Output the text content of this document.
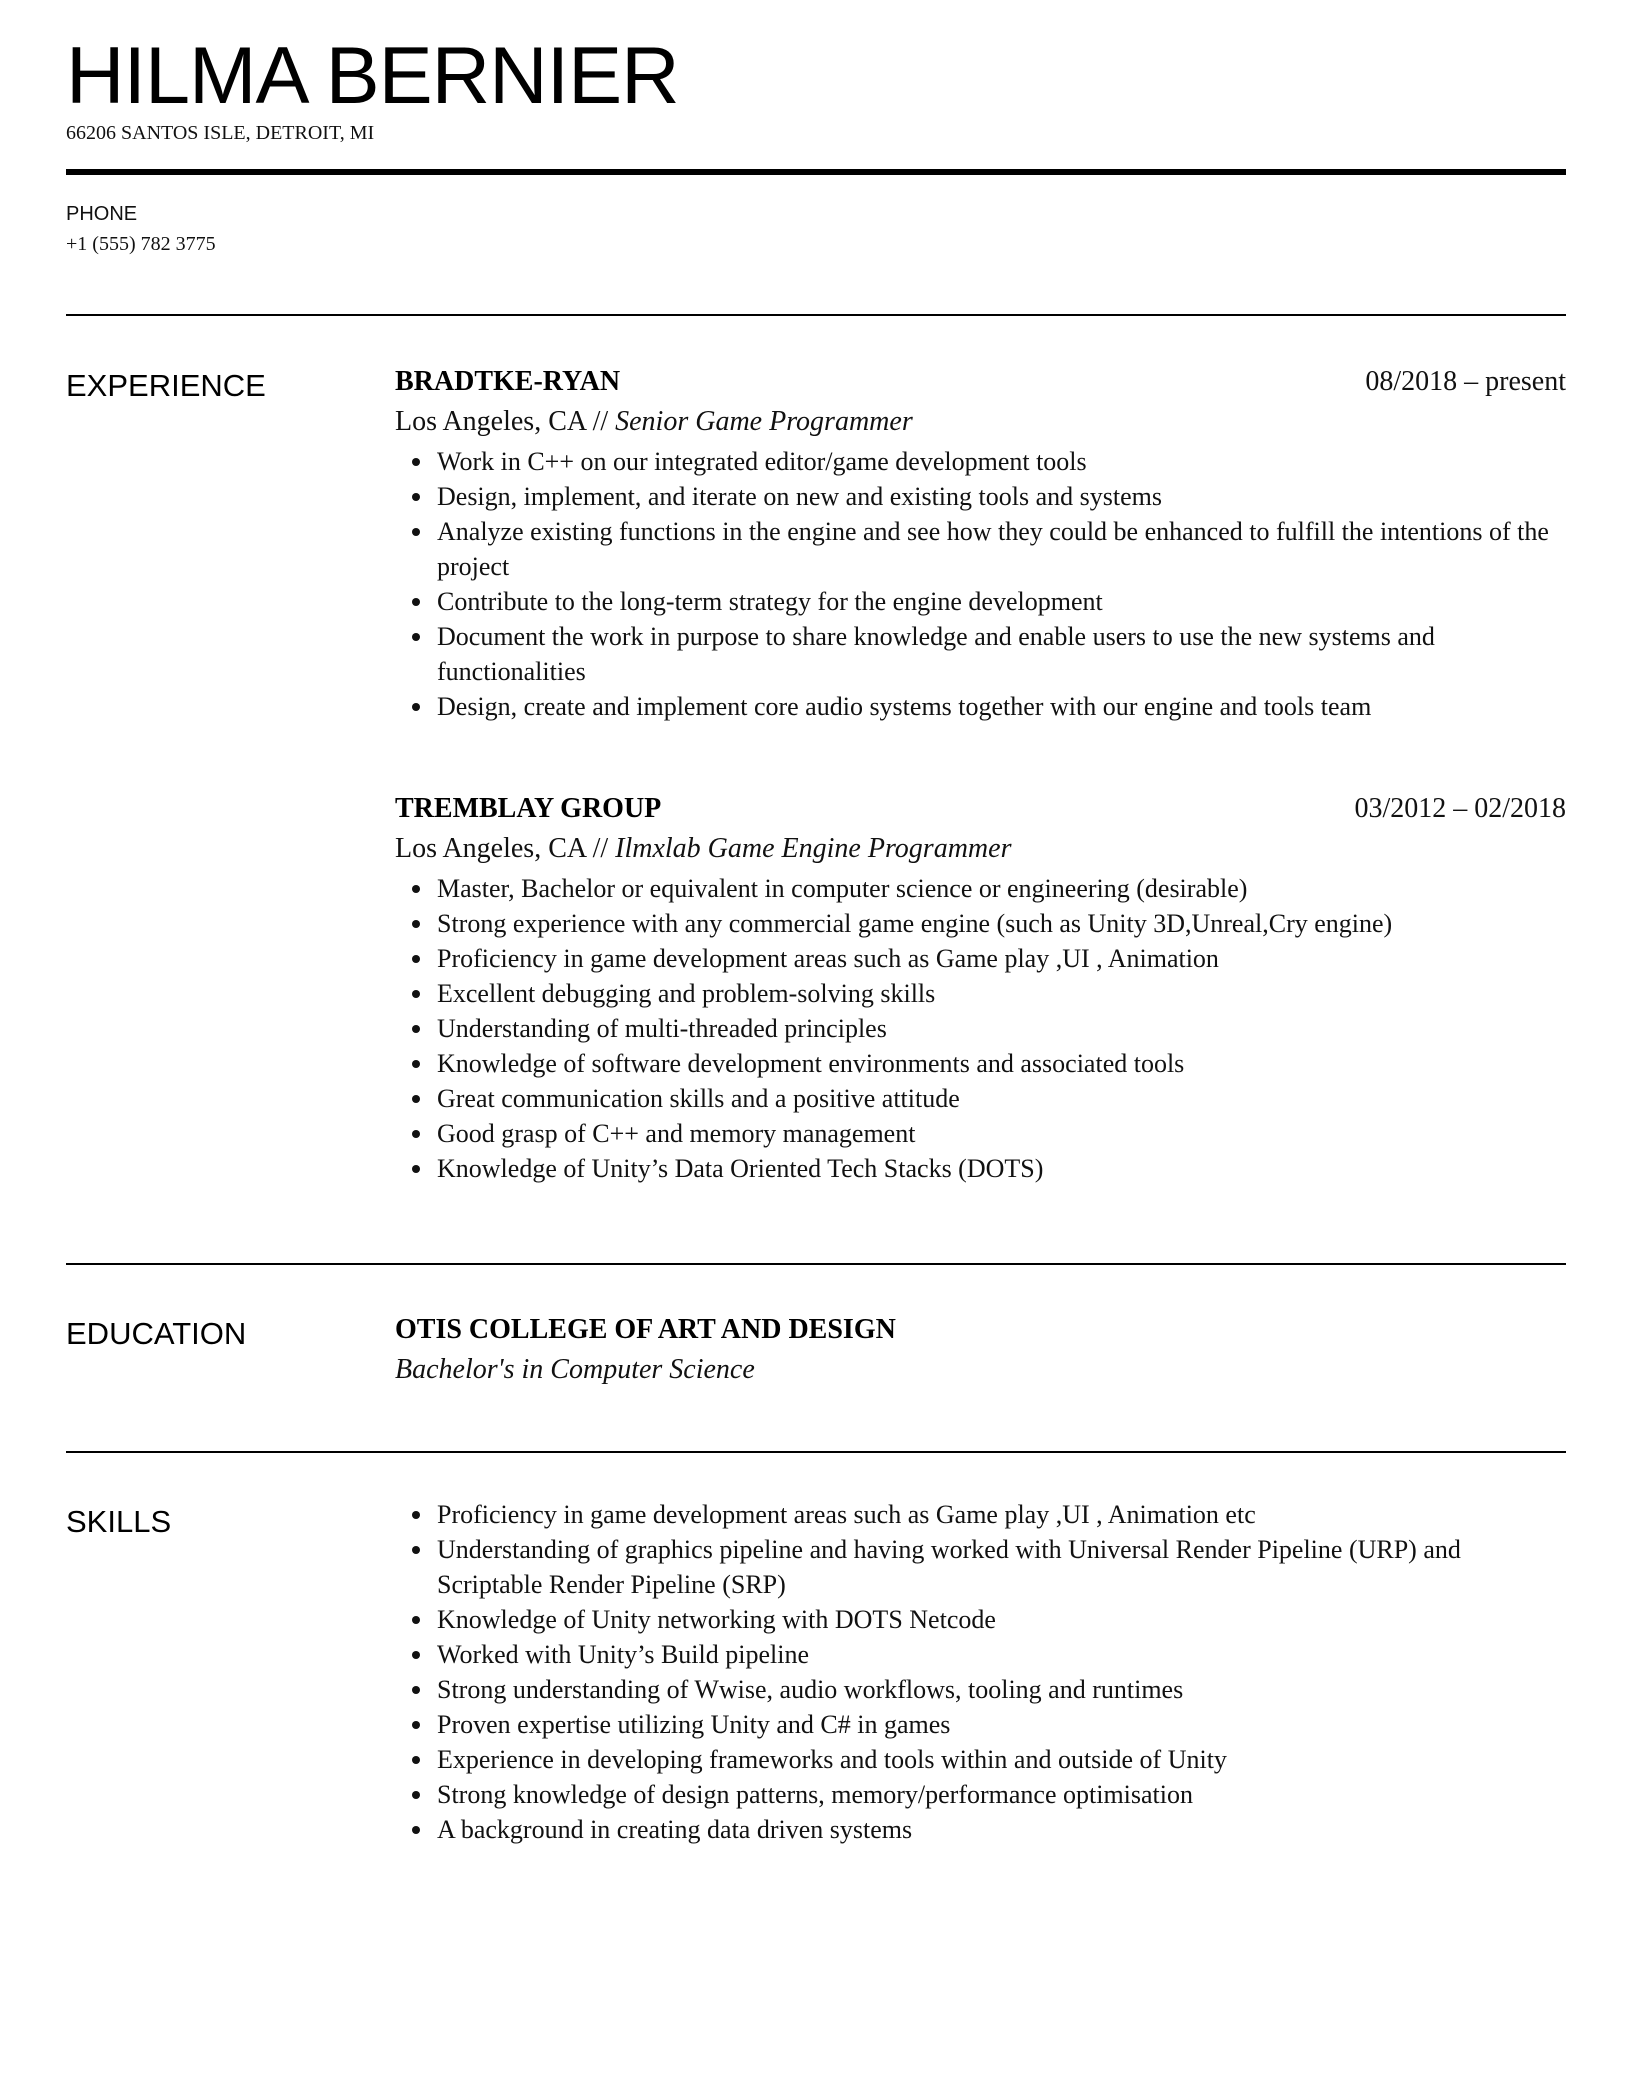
HILMA BERNIER
66206 SANTOS ISLE, DETROIT, MI
PHONE
+1 (555) 782 3775
EXPERIENCE	BRADTKE-RYAN	08/2018 – present
Los Angeles, CA // Senior Game Programmer
Work in C++ on our integrated editor/game development tools
Design, implement, and iterate on new and existing tools and systems
Analyze existing functions in the engine and see how they could be enhanced to fulfill the intentions of the project
Contribute to the long-term strategy for the engine development
Document the work in purpose to share knowledge and enable users to use the new systems and functionalities
Design, create and implement core audio systems together with our engine and tools team
TREMBLAY GROUP	03/2012 – 02/2018
Los Angeles, CA // Ilmxlab Game Engine Programmer
Master, Bachelor or equivalent in computer science or engineering (desirable)
Strong experience with any commercial game engine (such as Unity 3D,Unreal,Cry engine)
Proficiency in game development areas such as Game play ,UI , Animation
Excellent debugging and problem-solving skills
Understanding of multi-threaded principles
Knowledge of software development environments and associated tools
Great communication skills and a positive attitude
Good grasp of C++ and memory management
Knowledge of Unity’s Data Oriented Tech Stacks (DOTS)
EDUCATION	OTIS COLLEGE OF ART AND DESIGN
Bachelor's in Computer Science
SKILLS	Proficiency in game development areas such as Game play ,UI , Animation etc
Understanding of graphics pipeline and having worked with Universal Render Pipeline (URP) and Scriptable Render Pipeline (SRP)
Knowledge of Unity networking with DOTS Netcode
Worked with Unity’s Build pipeline
Strong understanding of Wwise, audio workflows, tooling and runtimes
Proven expertise utilizing Unity and C# in games
Experience in developing frameworks and tools within and outside of Unity
Strong knowledge of design patterns, memory/performance optimisation
A background in creating data driven systems
